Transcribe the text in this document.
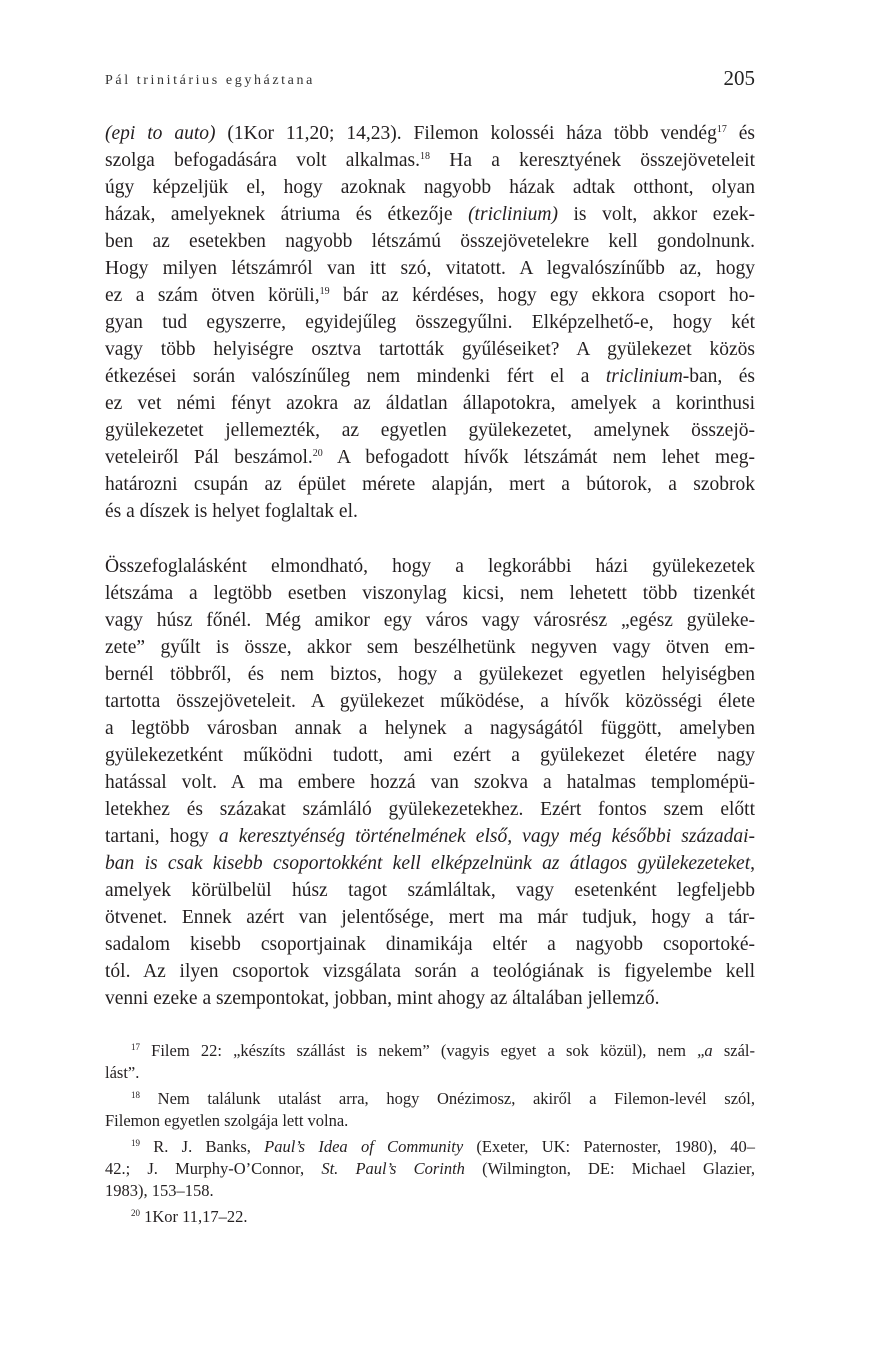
Pál trinitárius egyháztana	205
(epi to auto) (1Kor 11,20; 14,23). Filemon kolosséi háza több vendég$^{17}$ és
szolga befogadására volt alkalmas.$^{18}$ Ha a keresztyének összejöveteleit
úgy képzeljük el, hogy azoknak nagyobb házak adtak otthont, olyan
házak, amelyeknek átriuma és étkezője (triclinium) is volt, akkor ezek-
ben az esetekben nagyobb létszámú összejövetelekre kell gondolnunk.
Hogy milyen létszámról van itt szó, vitatott. A legvalószínűbb az, hogy
ez a szám ötven körüli,$^{19}$ bár az kérdéses, hogy egy ekkora csoport ho-
gyan tud egyszerre, egyidejűleg összegyűlni. Elképzelhető-e, hogy két
vagy több helyiségre osztva tartották gyűléseiket? A gyülekezet közös
étkezései során valószínűleg nem mindenki fért el a triclinium-ban, és
ez vet némi fényt azokra az áldatlan állapotokra, amelyek a korinthusi
gyülekezetet jellemezték, az egyetlen gyülekezetet, amelynek összejö-
veteleiről Pál beszámol.$^{20}$ A befogadott hívők létszámát nem lehet meg-
határozni csupán az épület mérete alapján, mert a bútorok, a szobrok
és a díszek is helyet foglaltak el.
Összefoglalásként elmondható, hogy a legkorábbi házi gyülekezetek
létszáma a legtöbb esetben viszonylag kicsi, nem lehetett több tizenkét
vagy húsz főnél. Még amikor egy város vagy városrész „egész gyüleke-
zete” gyűlt is össze, akkor sem beszélhetünk negyven vagy ötven em-
bernél többről, és nem biztos, hogy a gyülekezet egyetlen helyiségben
tartotta összejöveteleit. A gyülekezet működése, a hívők közösségi élete
a legtöbb városban annak a helynek a nagyságától függött, amelyben
gyülekezetként működni tudott, ami ezért a gyülekezet életére nagy
hatással volt. A ma embere hozzá van szokva a hatalmas templomépü-
letekhez és százakat számláló gyülekezetekhez. Ezért fontos szem előtt
tartani, hogy a keresztyénség történelmének első, vagy még későbbi századai-
ban is csak kisebb csoportokként kell elképzelnünk az átlagos gyülekezeteket,
amelyek körülbelül húsz tagot számláltak, vagy esetenként legfeljebb
ötvenet. Ennek azért van jelentősége, mert ma már tudjuk, hogy a tár-
sadalom kisebb csoportjainak dinamikája eltér a nagyobb csoportoké-
tól. Az ilyen csoportok vizsgálata során a teológiának is figyelembe kell
venni ezeke a szempontokat, jobban, mint ahogy az általában jellemző.
$^{17}$ Filem 22: „készíts szállást is nekem” (vagyis egyet a sok közül), nem „a szál-
lást”.
$^{18}$ Nem találunk utalást arra, hogy Onézimosz, akiről a Filemon-levél szól,
Filemon egyetlen szolgája lett volna.
$^{19}$ R. J. Banks, Paul’s Idea of Community (Exeter, UK: Paternoster, 1980), 40–
42.; J. Murphy-O’Connor, St. Paul’s Corinth (Wilmington, DE: Michael Glazier,
1983), 153–158.
$^{20}$ 1Kor 11,17–22.
